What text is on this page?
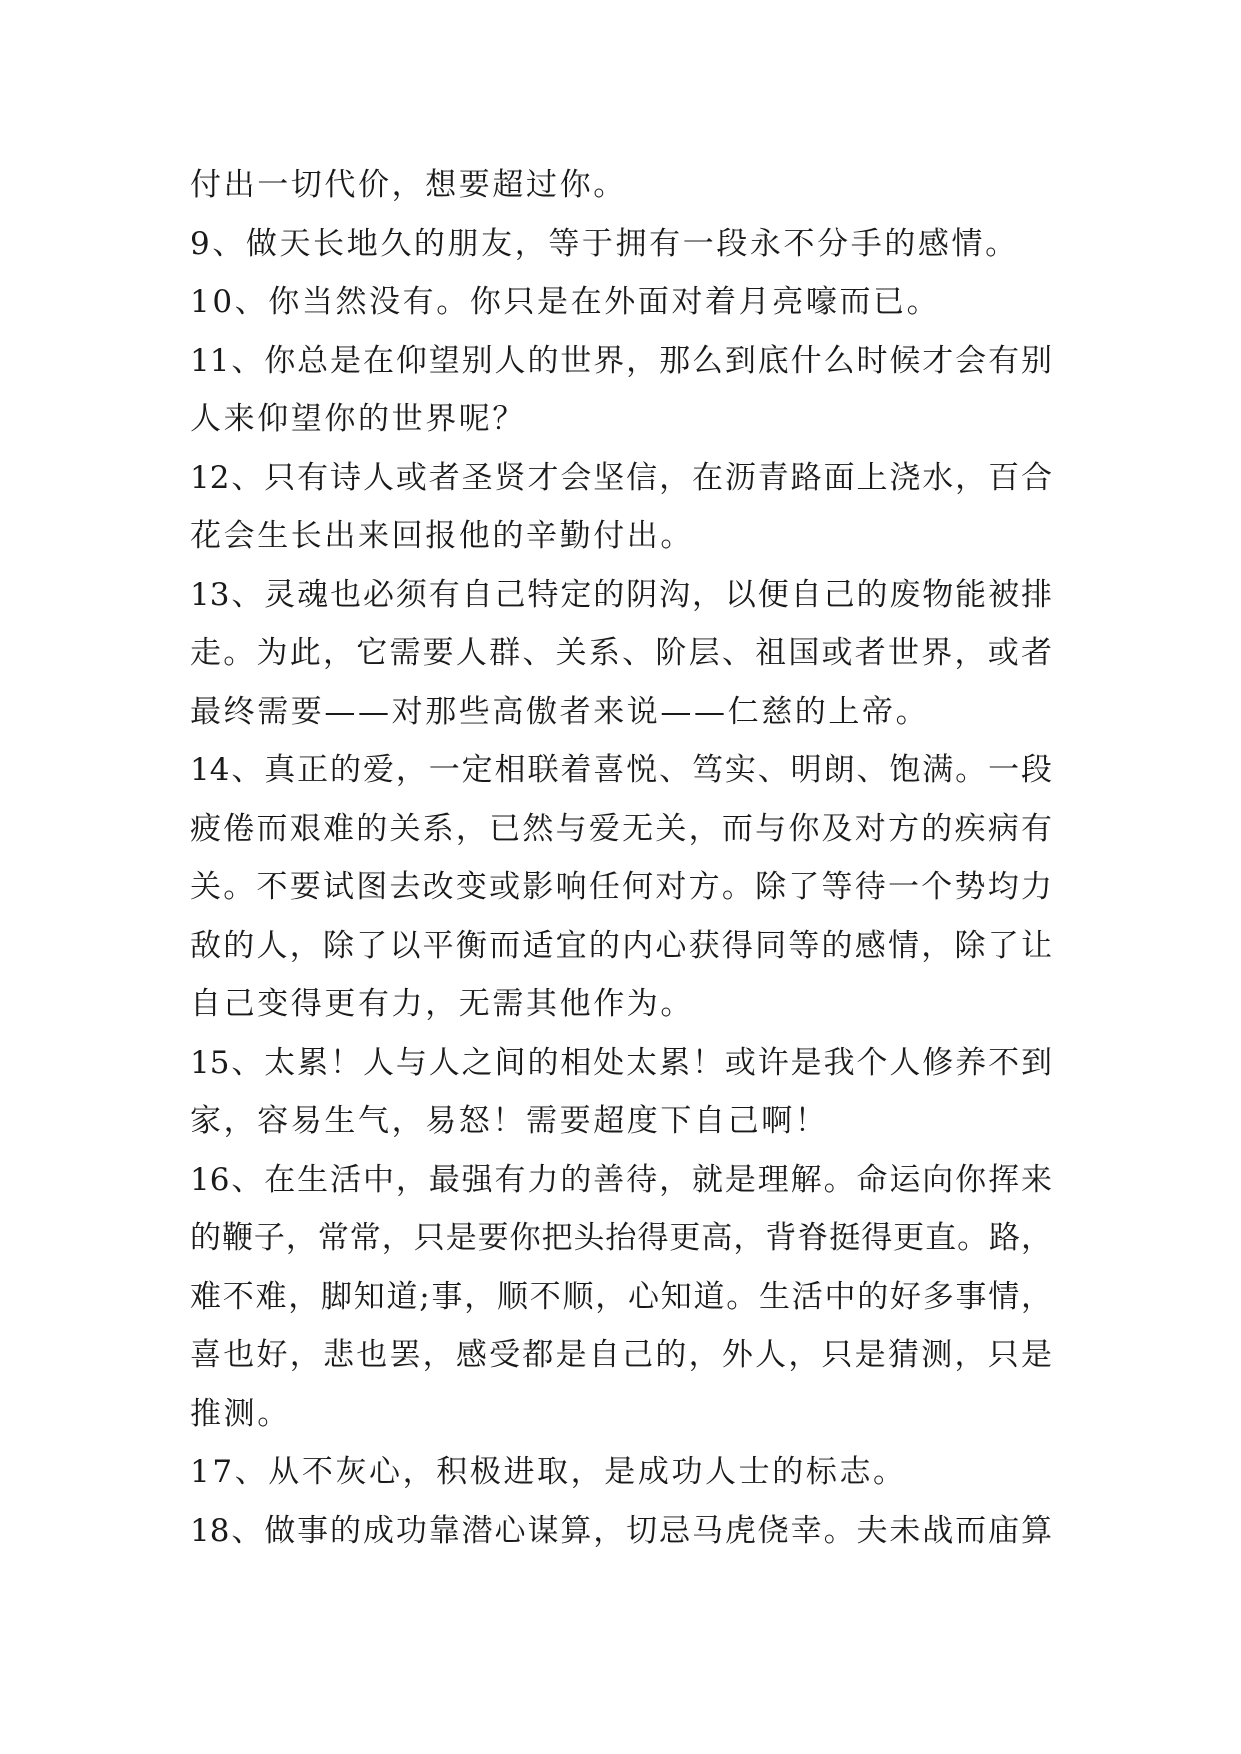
付出一切代价，想要超过你。
9、做天长地久的朋友，等于拥有一段永不分手的感情。
10、你当然没有。你只是在外面对着月亮嚎而已。
11、你总是在仰望别人的世界，那么到底什么时候才会有别
人来仰望你的世界呢？
12、只有诗人或者圣贤才会坚信，在沥青路面上浇水，百合
花会生长出来回报他的辛勤付出。
13、灵魂也必须有自己特定的阴沟，以便自己的废物能被排
走。为此，它需要人群、关系、阶层、祖国或者世界，或者
最终需要——对那些高傲者来说——仁慈的上帝。
14、真正的爱，一定相联着喜悦、笃实、明朗、饱满。一段
疲倦而艰难的关系，已然与爱无关，而与你及对方的疾病有
关。不要试图去改变或影响任何对方。除了等待一个势均力
敌的人，除了以平衡而适宜的内心获得同等的感情，除了让
自己变得更有力，无需其他作为。
15、太累！人与人之间的相处太累！或许是我个人修养不到
家，容易生气，易怒！需要超度下自己啊！
16、在生活中，最强有力的善待，就是理解。命运向你挥来
的鞭子，常常，只是要你把头抬得更高，背脊挺得更直。路，
难不难，脚知道;事，顺不顺，心知道。生活中的好多事情，
喜也好，悲也罢，感受都是自己的，外人，只是猜测，只是
推测。
17、从不灰心，积极进取，是成功人士的标志。
18、做事的成功靠潜心谋算，切忌马虎侥幸。夫未战而庙算
